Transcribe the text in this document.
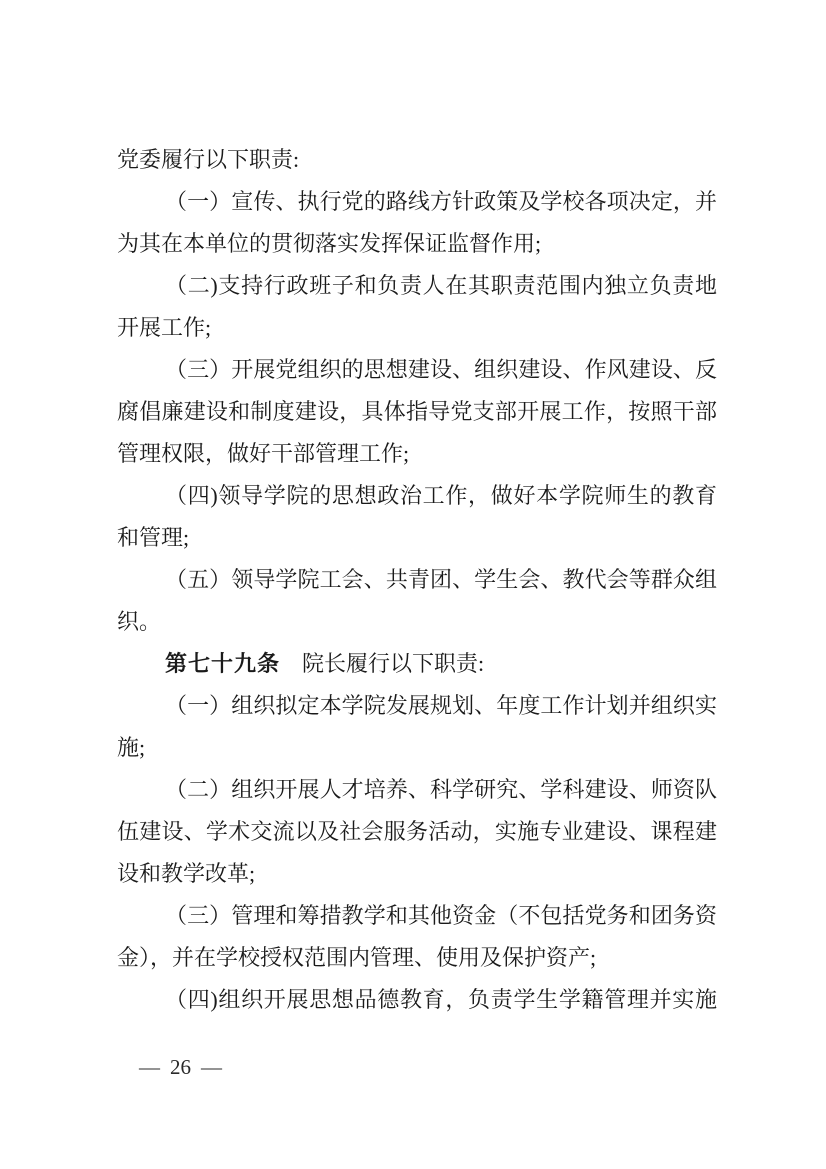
党委履行以下职责:
（一）宣传、执行党的路线方针政策及学校各项决定，并
为其在本单位的贯彻落实发挥保证监督作用;
（二)支持行政班子和负责人在其职责范围内独立负责地
开展工作;
（三）开展党组织的思想建设、组织建设、作风建设、反
腐倡廉建设和制度建设，具体指导党支部开展工作，按照干部
管理权限，做好干部管理工作;
（四)领导学院的思想政治工作，做好本学院师生的教育
和管理;
（五）领导学院工会、共青团、学生会、教代会等群众组
织。
第七十九条 院长履行以下职责:
（一）组织拟定本学院发展规划、年度工作计划并组织实
施;
（二）组织开展人才培养、科学研究、学科建设、师资队
伍建设、学术交流以及社会服务活动，实施专业建设、课程建
设和教学改革;
（三）管理和筹措教学和其他资金（不包括党务和团务资
金），并在学校授权范围内管理、使用及保护资产;
（四)组织开展思想品德教育，负责学生学籍管理并实施
— 26 —
